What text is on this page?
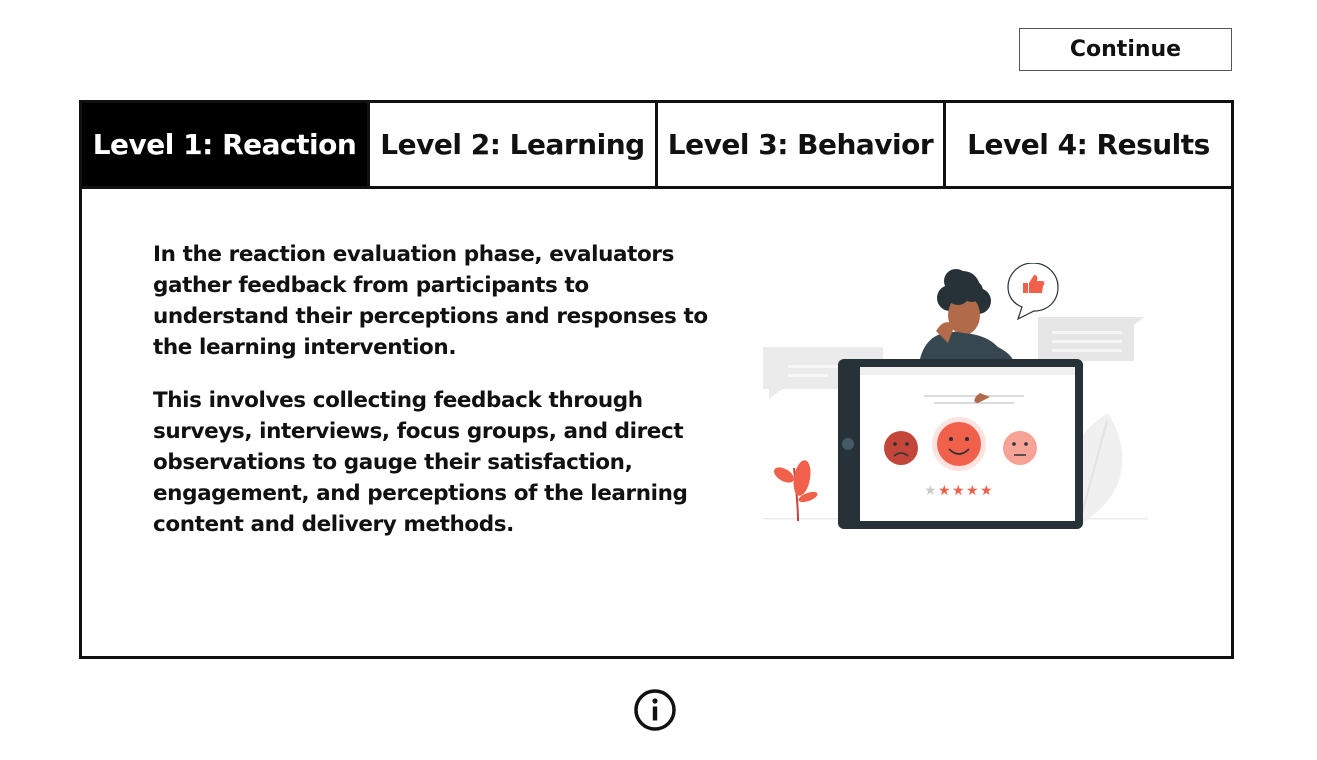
Continue
Level 1: Reaction Level 2: Learning Level 3: Behavior	Level 4: Results

In the reaction evaluation phase, evaluators gather feedback from participants to understand their perceptions and responses to the learning intervention.

This involves collecting feedback through surveys, interviews, focus groups, and direct observations to gauge their satisfaction, engagement, and perceptions of the learning content and delivery methods.

★ ★ ★ ★ ★
